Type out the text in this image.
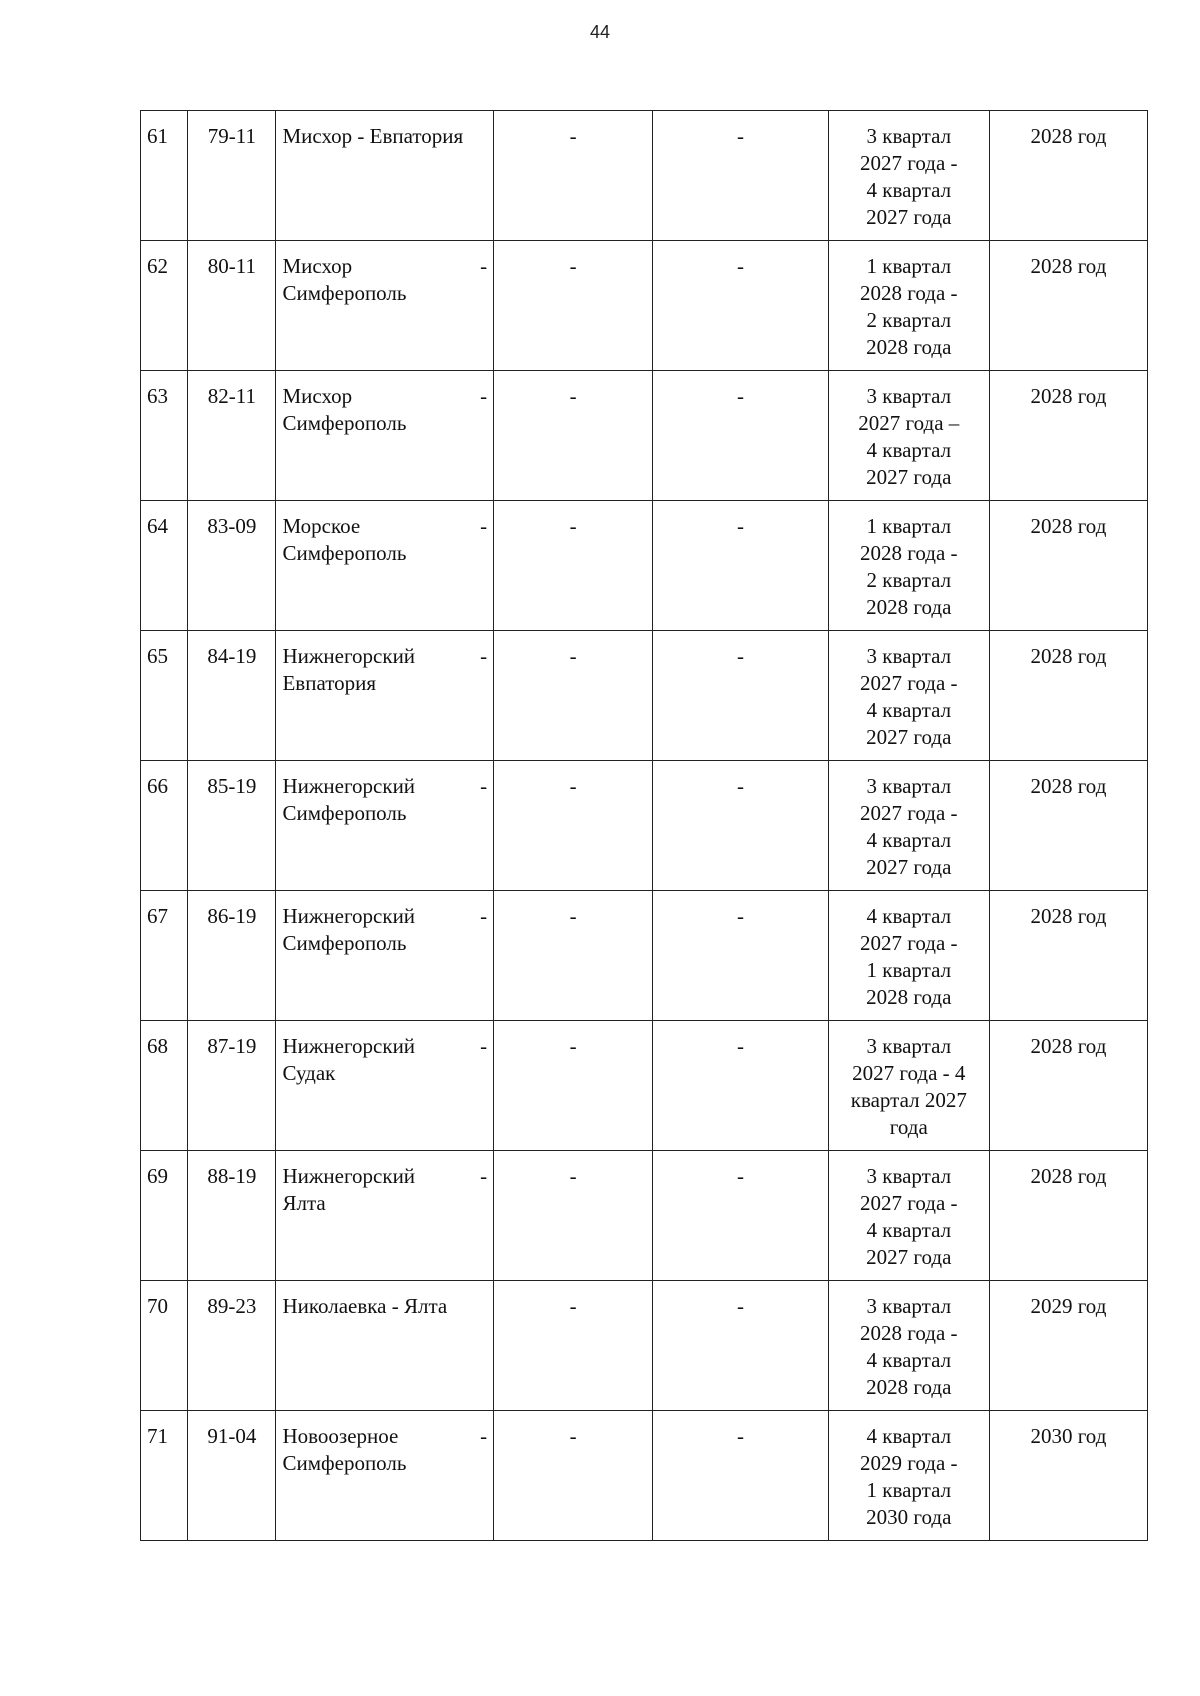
44
61	79-11	Мисхор - Евпатория	-	-	3 квартал
2027 года -
4 квартал
2027 года	2028 год
62	80-11	Мисхор
Симферополь
-	-	-	1 квартал
2028 года -
2 квартал
2028 года	2028 год
63	82-11	Мисхор
Симферополь
-	-	-	3 квартал
2027 года –
4 квартал
2027 года	2028 год
64	83-09	Морское
Симферополь
-	-	-	1 квартал
2028 года -
2 квартал
2028 года	2028 год
65	84-19	Нижнегорский
Евпатория
-	-	-	3 квартал
2027 года -
4 квартал
2027 года	2028 год
66	85-19	Нижнегорский
Симферополь
-	-	-	3 квартал
2027 года -
4 квартал
2027 года	2028 год
67	86-19	Нижнегорский
Симферополь
-	-	-	4 квартал
2027 года -
1 квартал
2028 года	2028 год
68	87-19	Нижнегорский
Судак
-	-	-	3 квартал
2027 года - 4
квартал 2027
года	2028 год
69	88-19	Нижнегорский
Ялта
-	-	-	3 квартал
2027 года -
4 квартал
2027 года	2028 год
70	89-23	Николаевка - Ялта	-	-	3 квартал
2028 года -
4 квартал
2028 года	2029 год
71	91-04	Новоозерное
Симферополь
-	-	-	4 квартал
2029 года -
1 квартал
2030 года	2030 год
